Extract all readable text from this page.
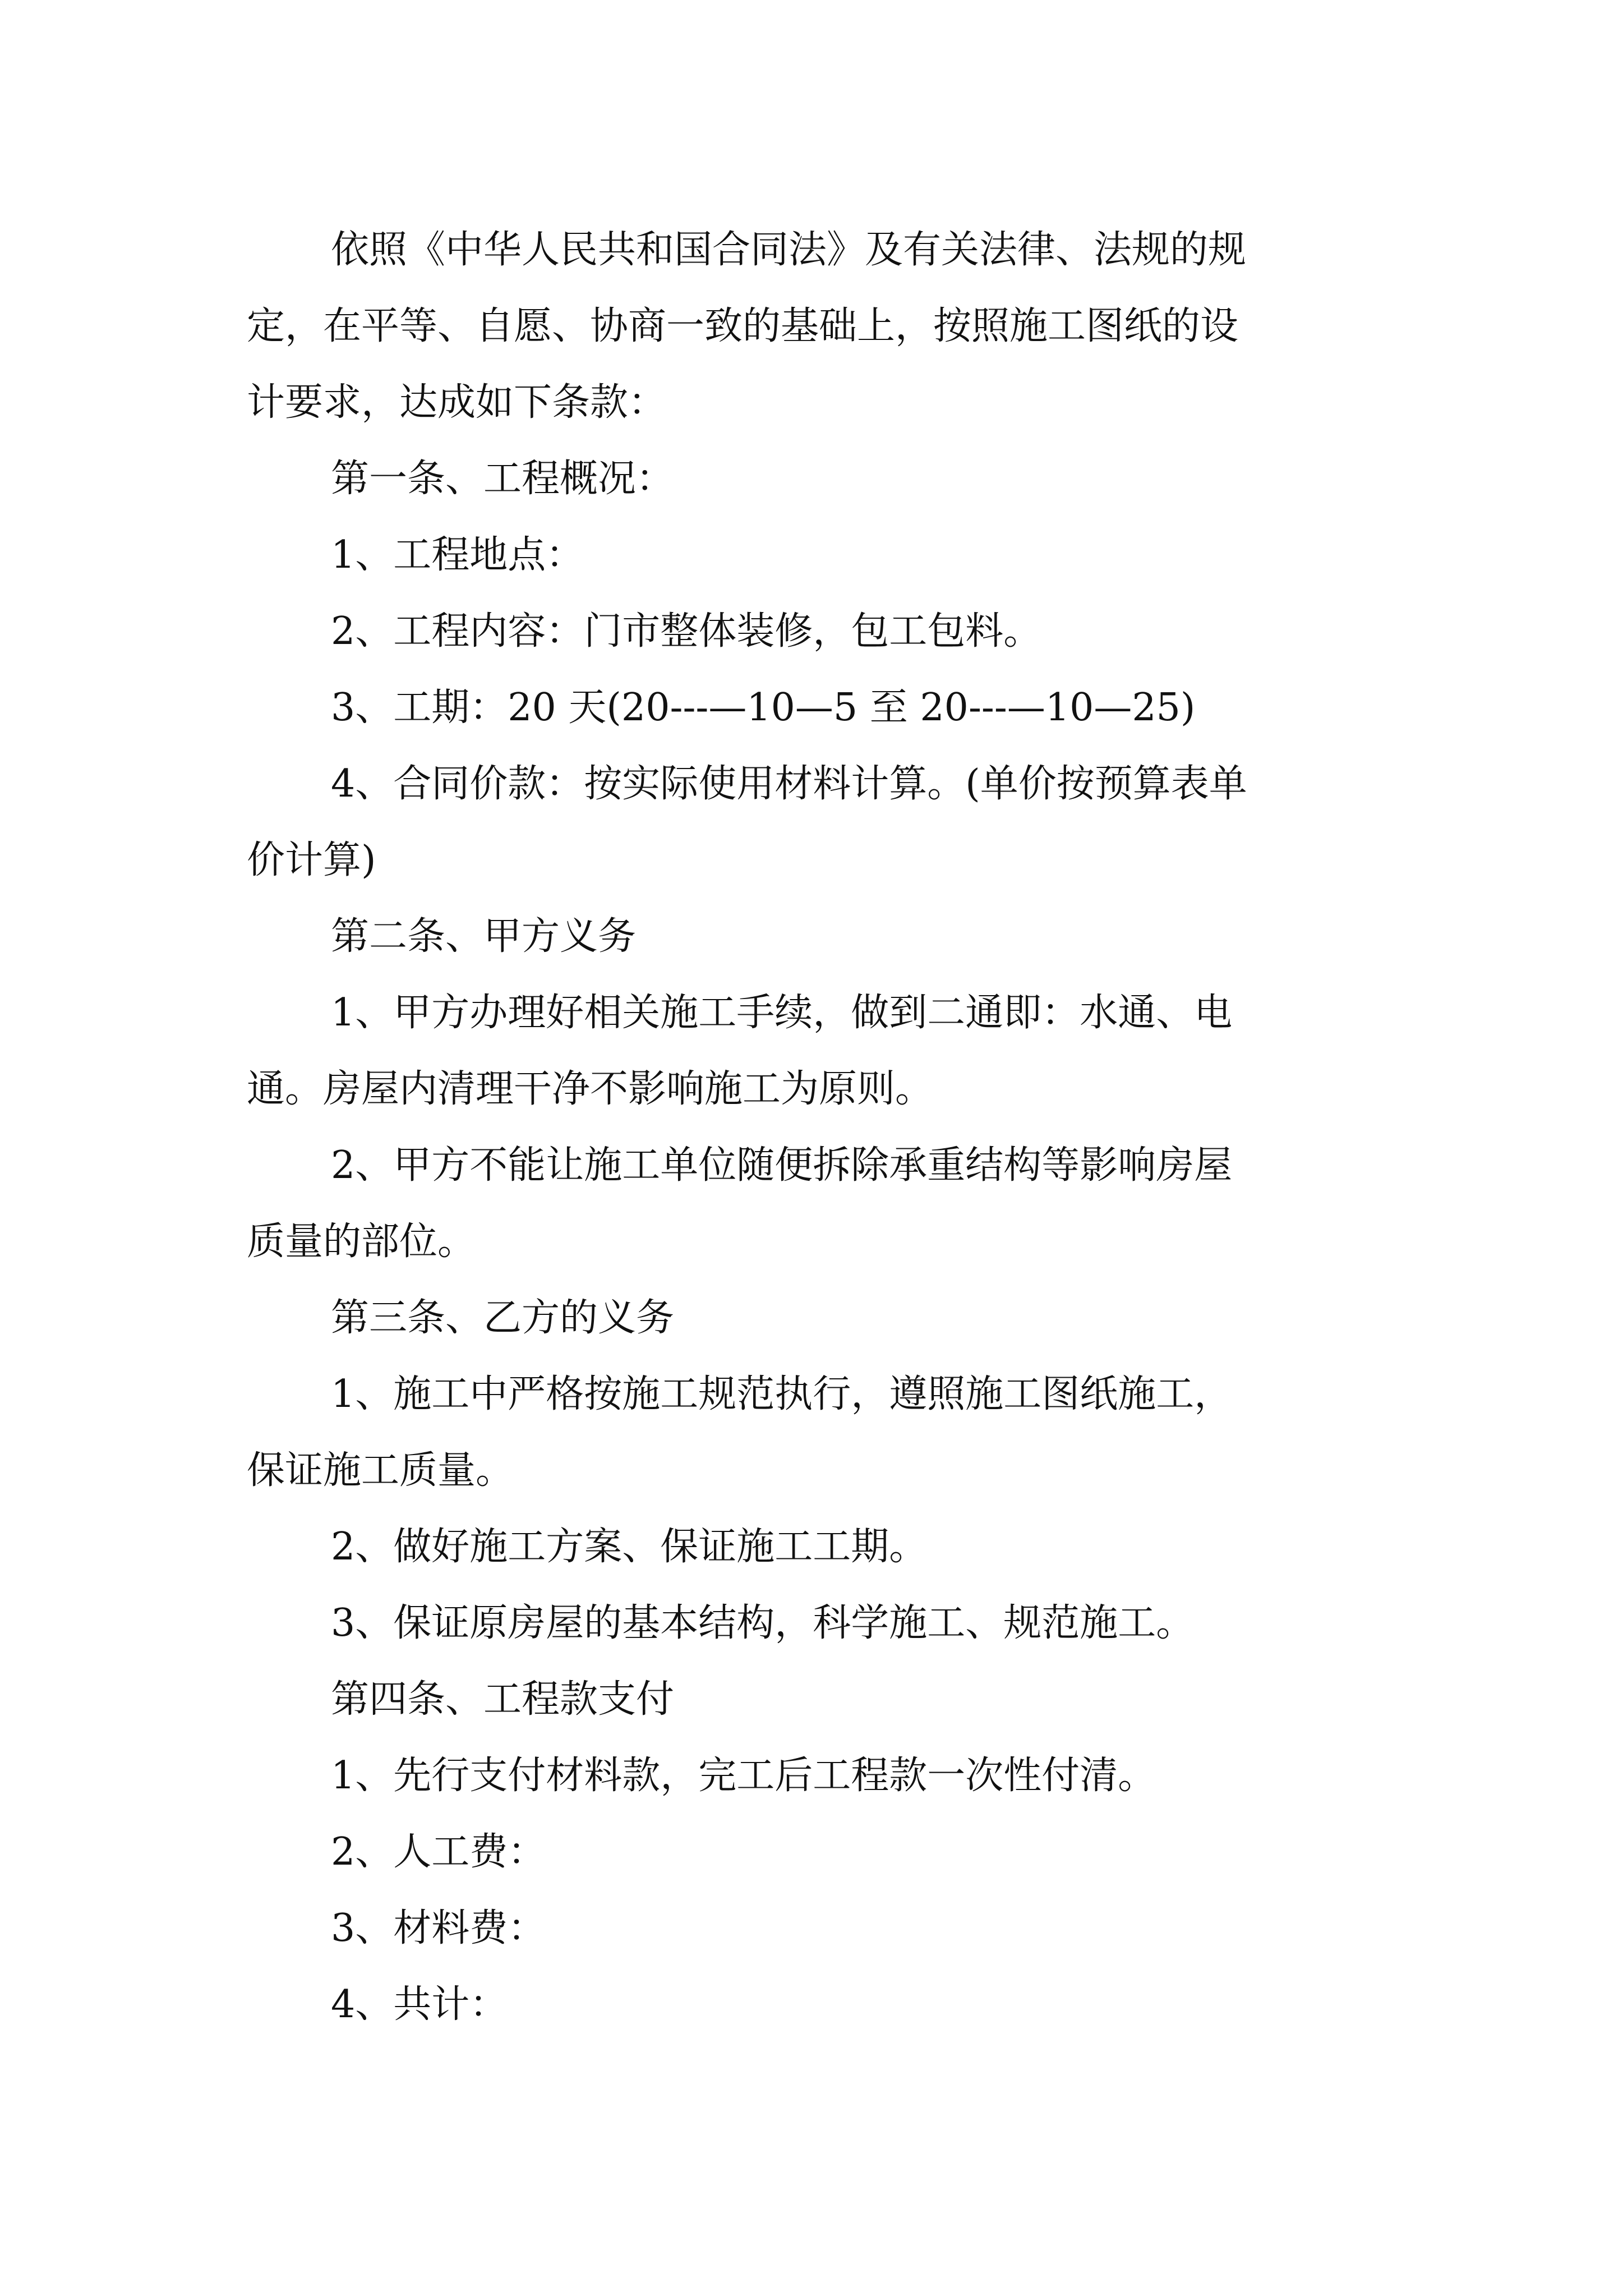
依照《中华人民共和国合同法》及有关法律、法规的规
定，在平等、自愿、协商一致的基础上，按照施工图纸的设
计要求，达成如下条款：
第一条、工程概况：
1、工程地点：
2、工程内容：门市整体装修，包工包料。
3、工期：20 天(20---—10—5 至 20---—10—25)
4、合同价款：按实际使用材料计算。(单价按预算表单
价计算)
第二条、甲方义务
1、甲方办理好相关施工手续，做到二通即：水通、电
通。房屋内清理干净不影响施工为原则。
2、甲方不能让施工单位随便拆除承重结构等影响房屋
质量的部位。
第三条、乙方的义务
1、施工中严格按施工规范执行，遵照施工图纸施工，
保证施工质量。
2、做好施工方案、保证施工工期。
3、保证原房屋的基本结构，科学施工、规范施工。
第四条、工程款支付
1、先行支付材料款，完工后工程款一次性付清。
2、人工费：
3、材料费：
4、共计：
